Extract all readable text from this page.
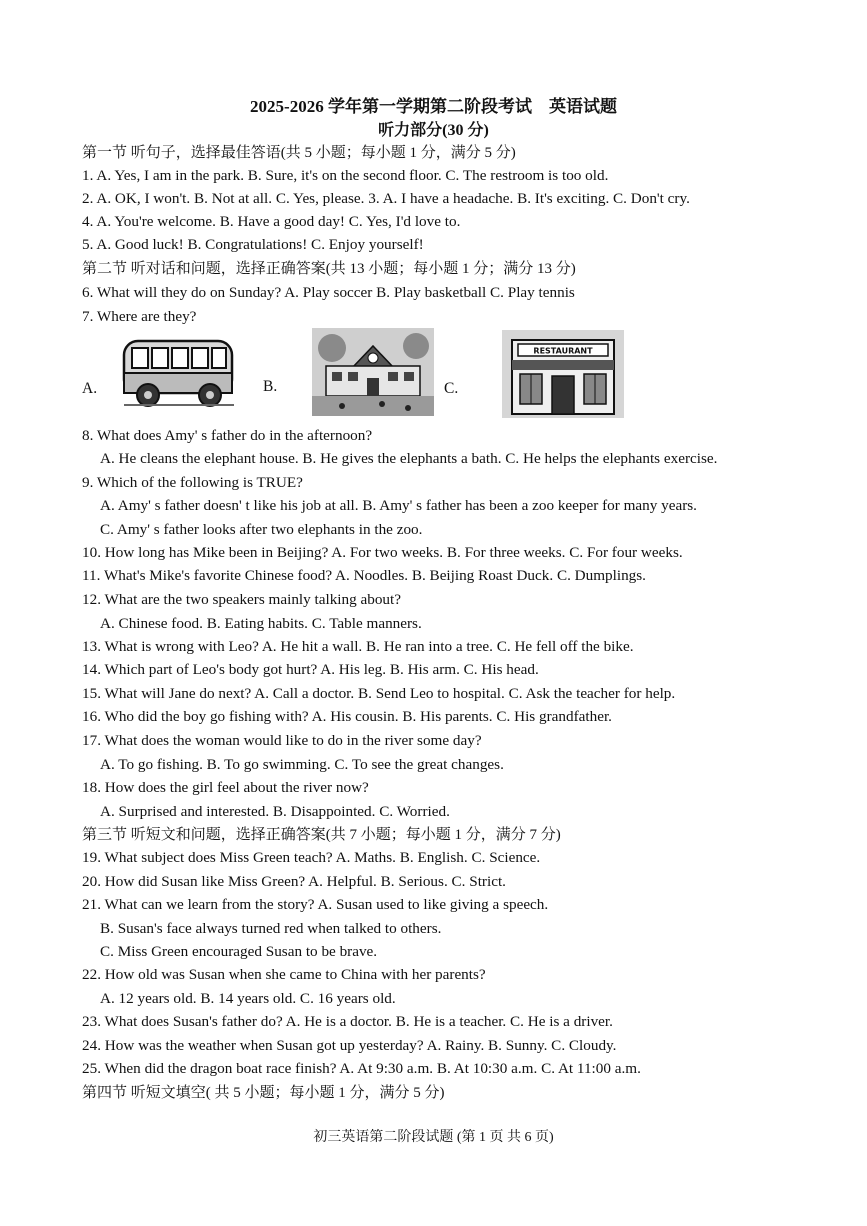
2025-2026 学年第一学期第二阶段考试　英语试题
听力部分(30 分)
第一节 听句子，选择最佳答语(共 5 小题；每小题 1 分，满分 5 分)
1. A. Yes, I am in the park. B. Sure, it's on the second floor. C. The restroom is too old.
2. A. OK, I won't. B. Not at all. C. Yes, please. 3. A. I have a headache. B. It's exciting. C. Don't cry.
4. A. You're welcome. B. Have a good day! C. Yes, I'd love to.
5. A. Good luck! B. Congratulations! C. Enjoy yourself!
第二节 听对话和问题，选择正确答案(共 13 小题；每小题 1 分；满分 13 分)
6. What will they do on Sunday? A. Play soccer B. Play basketball C. Play tennis
7. Where are they?
A.	B.	C.
RESTAURANT
8. What does Amy' s father do in the afternoon?
A. He cleans the elephant house. B. He gives the elephants a bath. C. He helps the elephants exercise.
9. Which of the following is TRUE?
A. Amy' s father doesn' t like his job at all. B. Amy' s father has been a zoo keeper for many years.
C. Amy' s father looks after two elephants in the zoo.
10. How long has Mike been in Beijing? A. For two weeks. B. For three weeks. C. For four weeks.
11. What's Mike's favorite Chinese food? A. Noodles. B. Beijing Roast Duck. C. Dumplings.
12. What are the two speakers mainly talking about?
A. Chinese food. B. Eating habits. C. Table manners.
13. What is wrong with Leo? A. He hit a wall. B. He ran into a tree. C. He fell off the bike.
14. Which part of Leo's body got hurt? A. His leg. B. His arm. C. His head.
15. What will Jane do next? A. Call a doctor. B. Send Leo to hospital. C. Ask the teacher for help.
16. Who did the boy go fishing with? A. His cousin. B. His parents. C. His grandfather.
17. What does the woman would like to do in the river some day?
A. To go fishing. B. To go swimming. C. To see the great changes.
18. How does the girl feel about the river now?
A. Surprised and interested. B. Disappointed. C. Worried.
第三节 听短文和问题，选择正确答案(共 7 小题；每小题 1 分，满分 7 分)
19. What subject does Miss Green teach? A. Maths. B. English. C. Science.
20. How did Susan like Miss Green? A. Helpful. B. Serious. C. Strict.
21. What can we learn from the story? A. Susan used to like giving a speech.
B. Susan's face always turned red when talked to others.
C. Miss Green encouraged Susan to be brave.
22. How old was Susan when she came to China with her parents?
A. 12 years old. B. 14 years old. C. 16 years old.
23. What does Susan's father do? A. He is a doctor. B. He is a teacher. C. He is a driver.
24. How was the weather when Susan got up yesterday? A. Rainy. B. Sunny. C. Cloudy.
25. When did the dragon boat race finish? A. At 9:30 a.m. B. At 10:30 a.m. C. At 11:00 a.m.
第四节 听短文填空( 共 5 小题；每小题 1 分，满分 5 分)
初三英语第二阶段试题 (第 1 页 共 6 页)
